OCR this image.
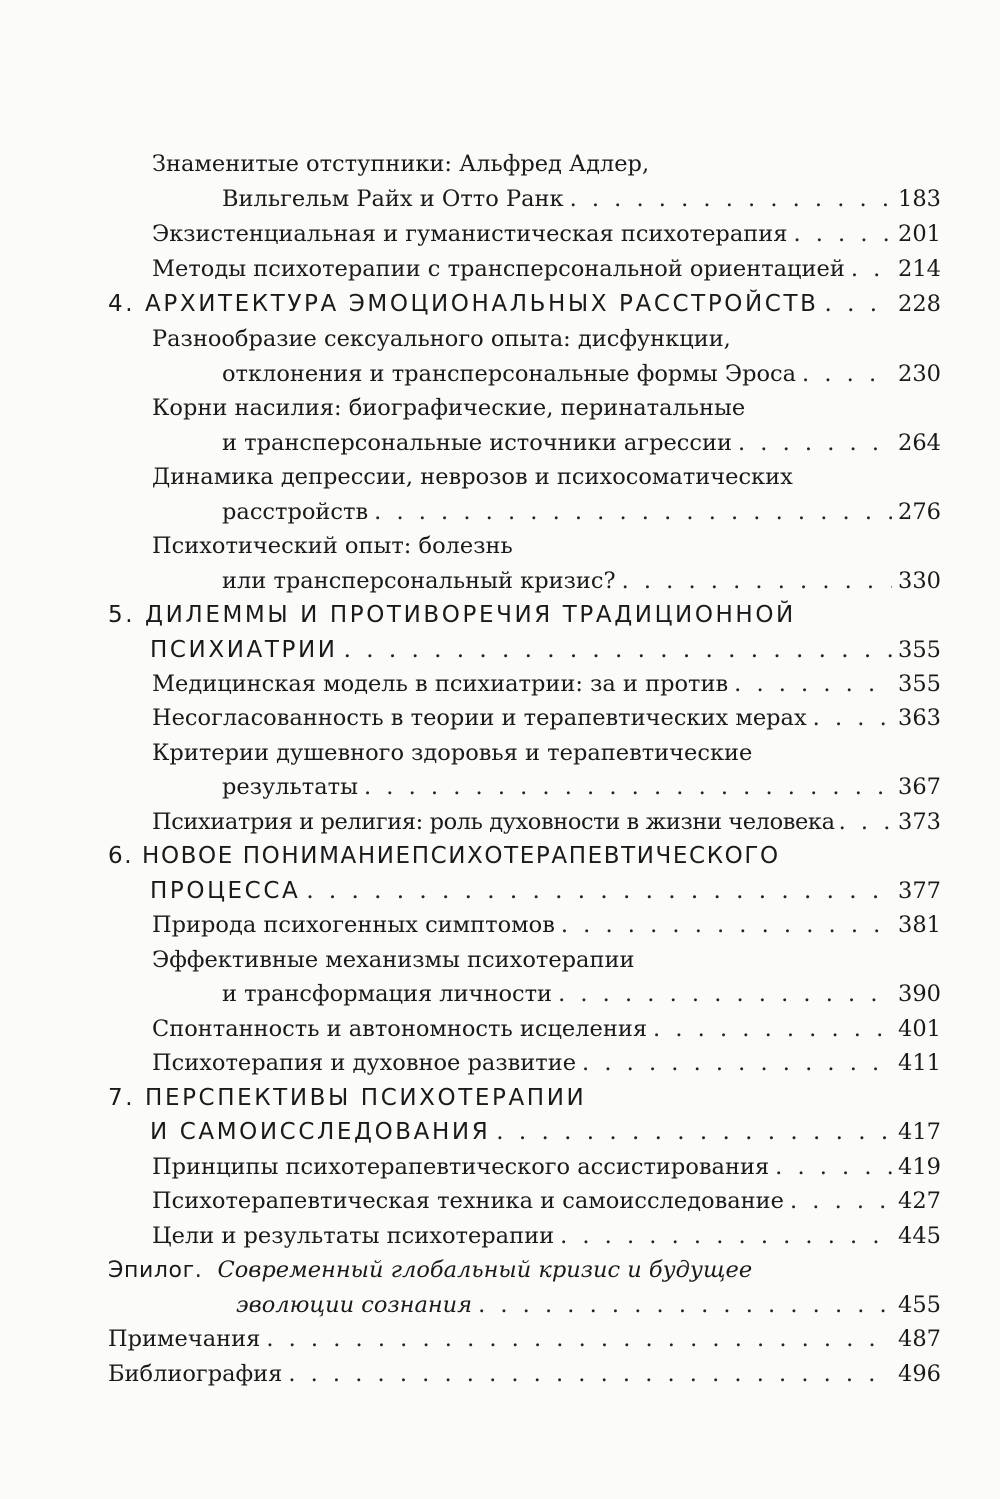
Знаменитые отступники: Альфред Адлер,
Вильгельм Райх и Отто Ранк . . .	183
Экзистенциальная и гуманистическая психотерапия . . .	201
Методы психотерапии с трансперсональной ориентацией . . . 214
4. АРХИТЕКТУРА ЭМОЦИОНАЛЬНЫХ РАССТРОЙСТВ . . .	228
Разнообразие сексуального опыта: дисфункции,
отклонения и трансперсональные формы Эроса . . .	230
Корни насилия: биографические, перинатальные
и трансперсональные источники агрессии . . .	264
Динамика депрессии, неврозов и психосоматических
расстройств . . .	276
Психотический опыт: болезнь
или трансперсональный кризис? . . .	330
5. ДИЛЕММЫ И ПРОТИВОРЕЧИЯ ТРАДИЦИОННОЙ
ПСИХИАТРИИ . . .	355
Медицинская модель в психиатрии: за и против . . .	355
Несогласованность в теории и терапевтических мерах . . .	363
Критерии душевного здоровья и терапевтические
результаты . . .	367
Психиатрия и религия: роль духовности в жизни человека . . .	373
6. НОВОЕ ПОНИМАНИЕПСИХОТЕРАПЕВТИЧЕСКОГО
ПРОЦЕССА . . .	377
Природа психогенных симптомов . . .	381
Эффективные механизмы психотерапии
и трансформация личности . . .	390
Спонтанность и автономность исцеления . . .	401
Психотерапия и духовное развитие . . .	411
7. ПЕРСПЕКТИВЫ ПСИХОТЕРАПИИ
И САМОИССЛЕДОВАНИЯ . . .	417
Принципы психотерапевтического ассистирования . . .	419
Психотерапевтическая техника и самоисследование . . .	427
Цели и результаты психотерапии . . .	445
Эпилог. Современный глобальный кризис и будущее
эволюции сознания . . .	455
Примечания . . .	487
Библиография . . .	496
